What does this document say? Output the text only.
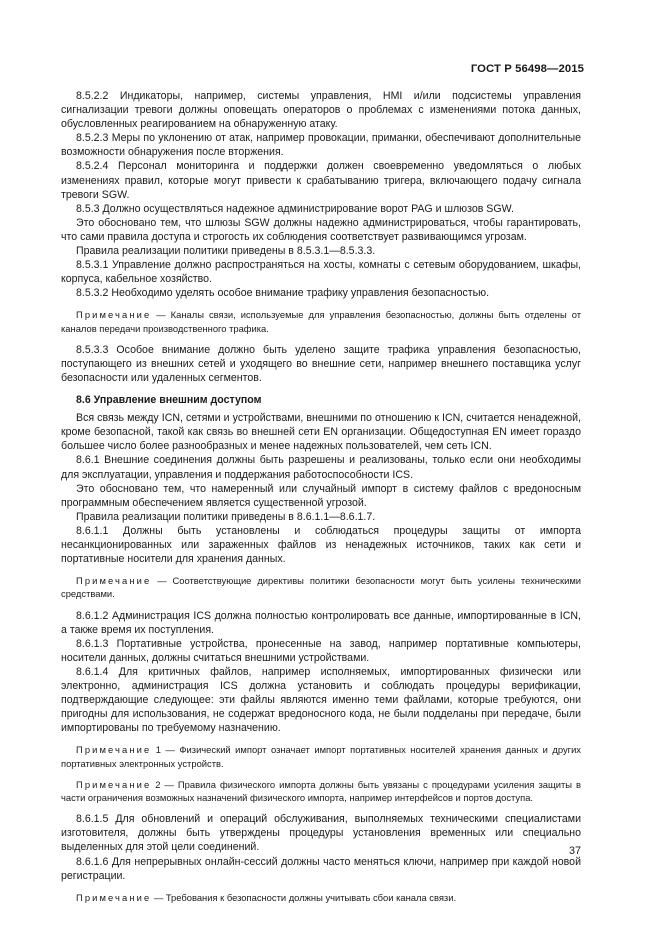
ГОСТ Р 56498—2015

8.5.2.2 Индикаторы, например, системы управления, HMI и/или подсистемы управления сигнализации тревоги должны оповещать операторов о проблемах с изменениями потока данных, обусловленных реагированием на обнаруженную атаку.

8.5.2.3 Меры по уклонению от атак, например провокации, приманки, обеспечивают дополнительные возможности обнаружения после вторжения.

8.5.2.4 Персонал мониторинга и поддержки должен своевременно уведомляться о любых изменениях правил, которые могут привести к срабатыванию тригера, включающего подачу сигнала тревоги SGW.

8.5.3 Должно осуществляться надежное администрирование ворот PAG и шлюзов SGW.

Это обосновано тем, что шлюзы SGW должны надежно администрироваться, чтобы гарантировать, что сами правила доступа и строгость их соблюдения соответствует развивающимся угрозам.

Правила реализации политики приведены в 8.5.3.1—8.5.3.3.

8.5.3.1 Управление должно распространяться на хосты, комнаты с сетевым оборудованием, шкафы, корпуса, кабельное хозяйство.

8.5.3.2 Необходимо уделять особое внимание трафику управления безопасностью.

Примечание — Каналы связи, используемые для управления безопасностью, должны быть отделены от каналов передачи производственного трафика.

8.5.3.3 Особое внимание должно быть уделено защите трафика управления безопасностью, поступающего из внешних сетей и уходящего во внешние сети, например внешнего поставщика услуг безопасности или удаленных сегментов.

8.6 Управление внешним доступом

Вся связь между ICN, сетями и устройствами, внешними по отношению к ICN, считается ненадежной, кроме безопасной, такой как связь во внешней сети EN организации. Общедоступная EN имеет гораздо большее число более разнообразных и менее надежных пользователей, чем сеть ICN.

8.6.1 Внешние соединения должны быть разрешены и реализованы, только если они необходимы для эксплуатации, управления и поддержания работоспособности ICS.

Это обосновано тем, что намеренный или случайный импорт в систему файлов с вредоносным программным обеспечением является существенной угрозой.

Правила реализации политики приведены в 8.6.1.1—8.6.1.7.

8.6.1.1 Должны быть установлены и соблюдаться процедуры защиты от импорта несанкционированных или зараженных файлов из ненадежных источников, таких как сети и портативные носители для хранения данных.

Примечание — Соответствующие директивы политики безопасности могут быть усилены техническими средствами.

8.6.1.2 Администрация ICS должна полностью контролировать все данные, импортированные в ICN, а также время их поступления.

8.6.1.3 Портативные устройства, пронесенные на завод, например портативные компьютеры, носители данных, должны считаться внешними устройствами.

8.6.1.4 Для критичных файлов, например исполняемых, импортированных физически или электронно, администрация ICS должна установить и соблюдать процедуры верификации, подтверждающие следующее: эти файлы являются именно теми файлами, которые требуются, они пригодны для использования, не содержат вредоносного кода, не были подделаны при передаче, были импортированы по требуемому назначению.

Примечание 1 — Физический импорт означает импорт портативных носителей хранения данных и других портативных электронных устройств.
Примечание 2 — Правила физического импорта должны быть увязаны с процедурами усиления защиты в части ограничения возможных назначений физического импорта, например интерфейсов и портов доступа.

8.6.1.5 Для обновлений и операций обслуживания, выполняемых техническими специалистами изготовителя, должны быть утверждены процедуры установления временных или специально выделенных для этой цели соединений.

8.6.1.6 Для непрерывных онлайн-сессий должны часто меняться ключи, например при каждой новой регистрации.

Примечание — Требования к безопасности должны учитывать сбои канала связи.
37
